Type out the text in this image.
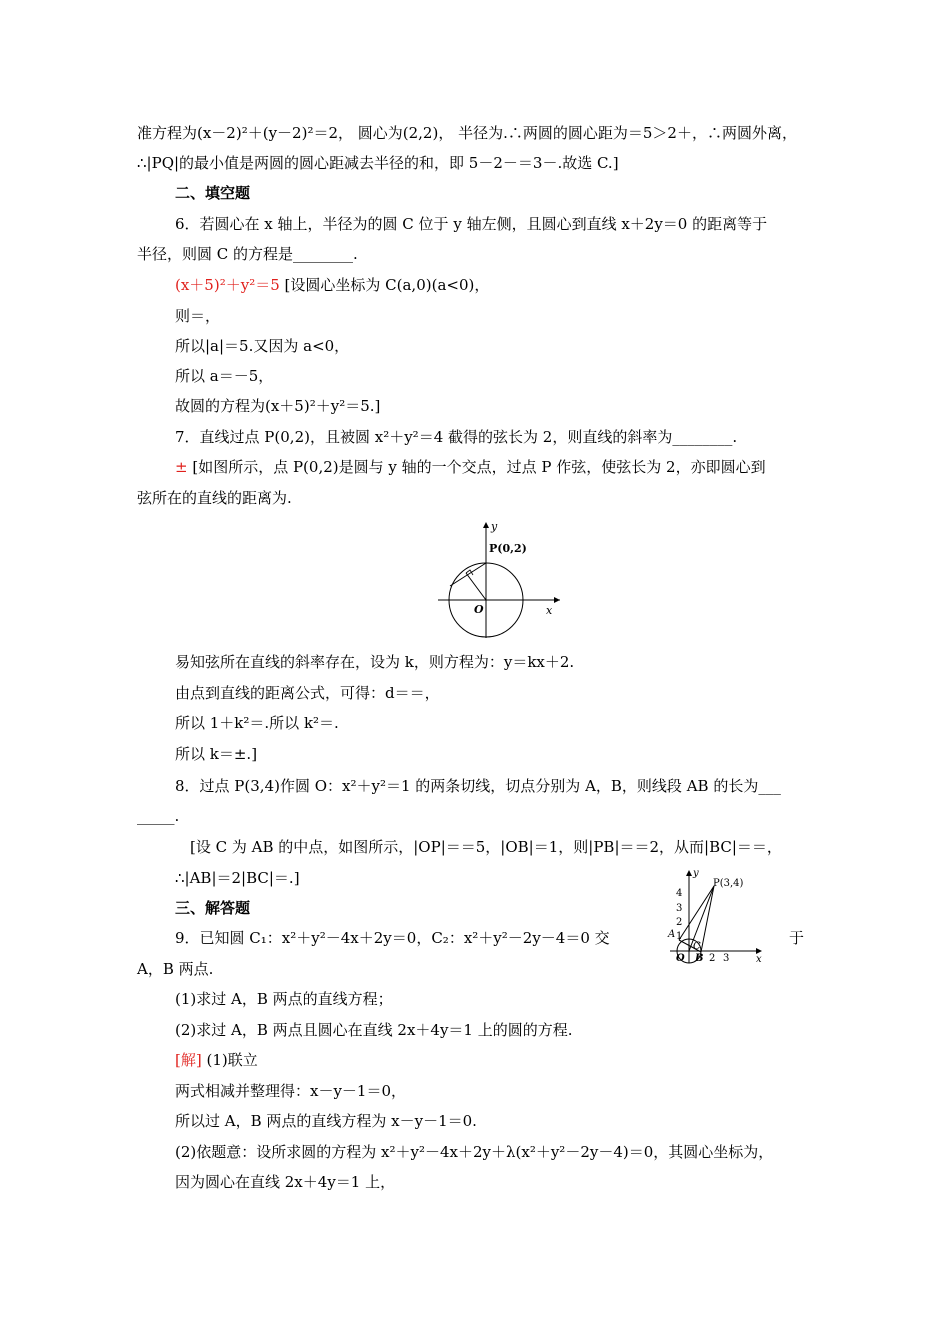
准方程为(x－2)²＋(y－2)²＝2， 圆心为(2,2)， 半径为.∴两圆的圆心距为＝5＞2＋，∴两圆外离，
∴|PQ|的最小值是两圆的圆心距减去半径的和，即 5－2－＝3－.故选 C.]
二、填空题
6．若圆心在 x 轴上，半径为的圆 C 位于 y 轴左侧，且圆心到直线 x＋2y＝0 的距离等于
半径，则圆 C 的方程是________.
(x＋5)²＋y²＝5 [设圆心坐标为 C(a,0)(a<0)，
则＝，
所以|a|＝5.又因为 a<0，
所以 a＝－5，
故圆的方程为(x＋5)²＋y²＝5.]
7．直线过点 P(0,2)，且被圆 x²＋y²＝4 截得的弦长为 2，则直线的斜率为________.
± [如图所示，点 P(0,2)是圆与 y 轴的一个交点，过点 P 作弦，使弦长为 2，亦即圆心到
弦所在的直线的距离为.
y
x
O
P(0,2)
易知弦所在直线的斜率存在，设为 k，则方程为：y＝kx＋2.
由点到直线的距离公式，可得：d＝＝，
所以 1＋k²＝.所以 k²＝.
所以 k＝±.]
8．过点 P(3,4)作圆 O：x²＋y²＝1 的两条切线，切点分别为 A，B，则线段 AB 的长为___
_____.
[设 C 为 AB 的中点，如图所示，|OP|＝＝5，|OB|＝1，则|PB|＝＝2，从而|BC|＝＝，
∴|AB|＝2|BC|＝.]	y
x
P(3,4)
4
3
2
1
A
O B
C
2 3
三、解答题
9．已知圆 C₁：x²＋y²－4x＋2y＝0，C₂：x²＋y²－2y－4＝0 交	于
A，B 两点.
(1)求过 A，B 两点的直线方程；
(2)求过 A，B 两点且圆心在直线 2x＋4y＝1 上的圆的方程.
[解] (1)联立
两式相减并整理得：x－y－1＝0，
所以过 A，B 两点的直线方程为 x－y－1＝0.
(2)依题意：设所求圆的方程为 x²＋y²－4x＋2y＋λ(x²＋y²－2y－4)＝0，其圆心坐标为，
因为圆心在直线 2x＋4y＝1 上，
